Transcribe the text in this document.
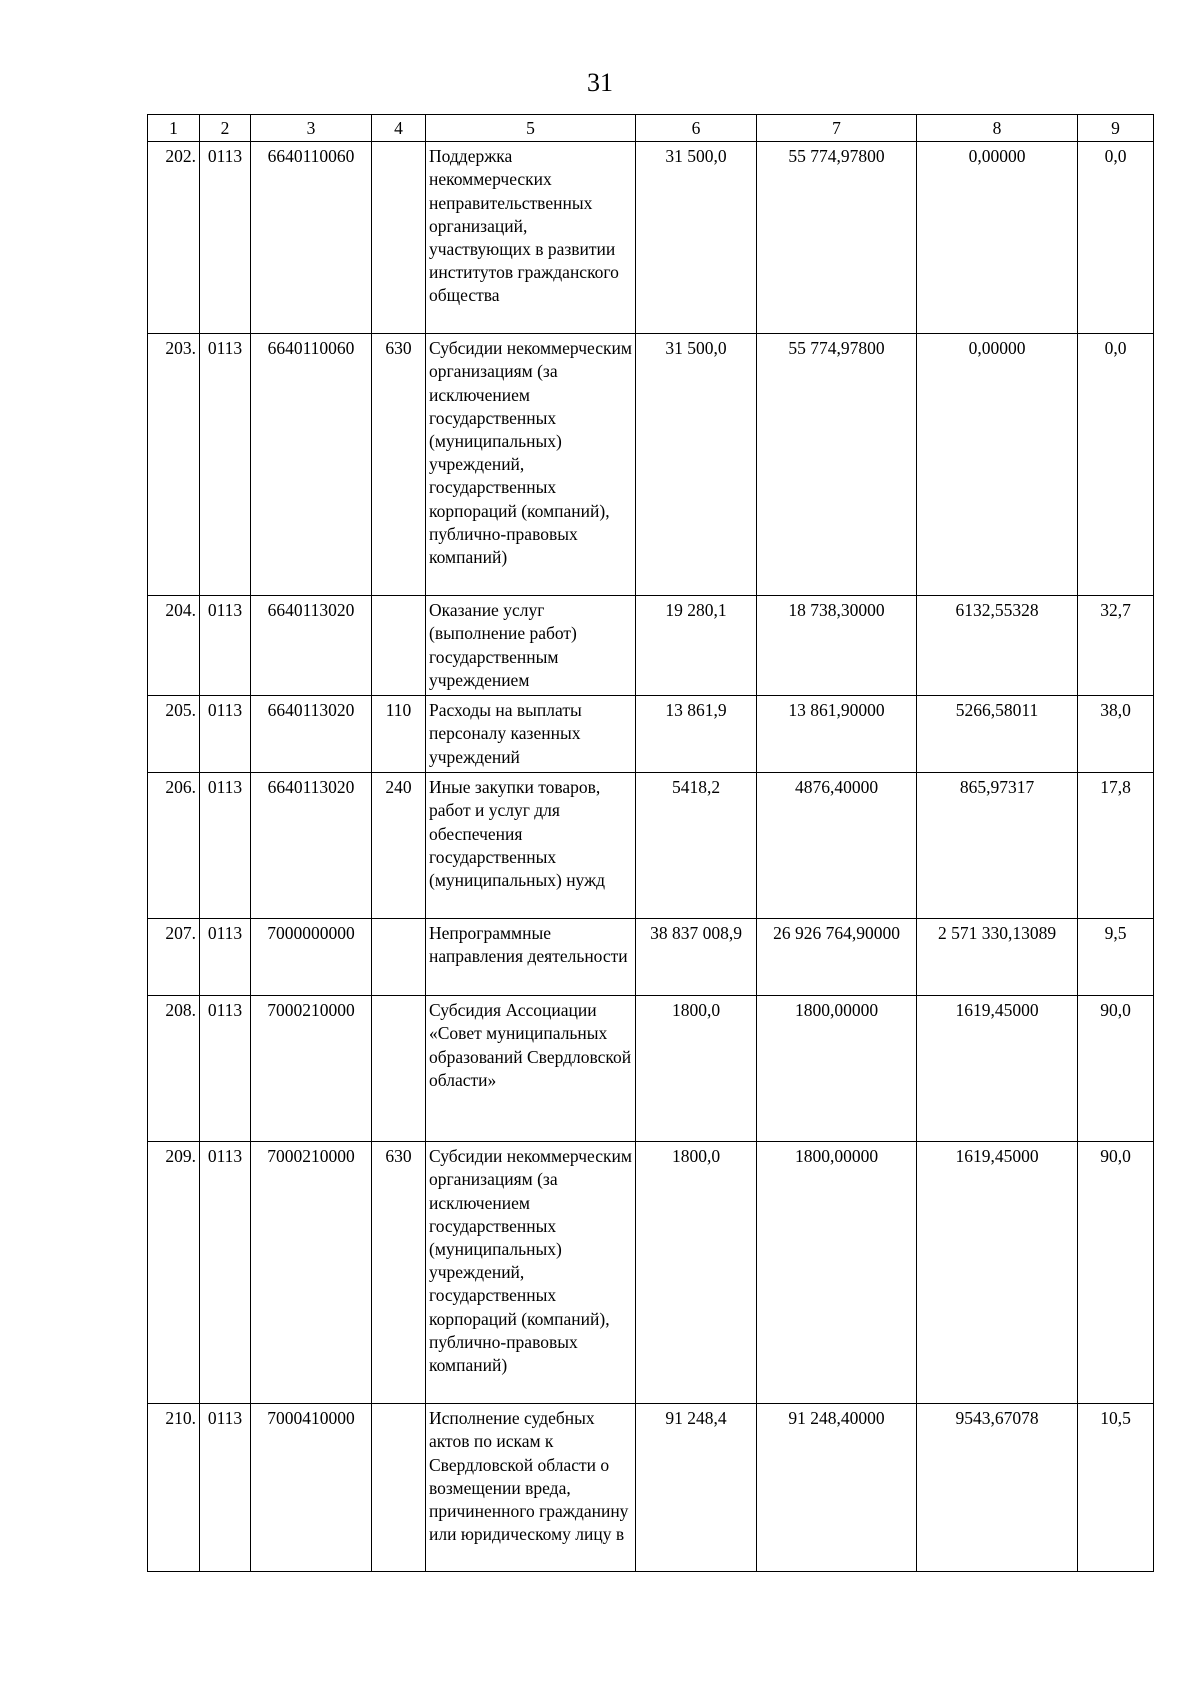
31
1	2	3	4	5	6	7	8	9
202.	0113	6640110060		Поддержка некоммерческих неправительственных организаций, участвующих в развитии институтов гражданского общества	31 500,0	55 774,97800	0,00000	0,0
203.	0113	6640110060	630	Субсидии некоммерческим организациям (за исключением государственных (муниципальных) учреждений, государственных корпораций (компаний), публично-правовых компаний)	31 500,0	55 774,97800	0,00000	0,0
204.	0113	6640113020		Оказание услуг (выполнение работ) государственным учреждением	19 280,1	18 738,30000	6132,55328	32,7
205.	0113	6640113020	110	Расходы на выплаты персоналу казенных учреждений	13 861,9	13 861,90000	5266,58011	38,0
206.	0113	6640113020	240	Иные закупки товаров, работ и услуг для обеспечения государственных (муниципальных) нужд	5418,2	4876,40000	865,97317	17,8
207.	0113	7000000000		Непрограммные направления деятельности	38 837 008,9	26 926 764,90000	2 571 330,13089	9,5
208.	0113	7000210000		Субсидия Ассоциации «Совет муниципальных образований Свердловской области»	1800,0	1800,00000	1619,45000	90,0
209.	0113	7000210000	630	Субсидии некоммерческим организациям (за исключением государственных (муниципальных) учреждений, государственных корпораций (компаний), публично-правовых компаний)	1800,0	1800,00000	1619,45000	90,0
210.	0113	7000410000		Исполнение судебных актов по искам к Свердловской области о возмещении вреда, причиненного гражданину или юридическому лицу в	91 248,4	91 248,40000	9543,67078	10,5
